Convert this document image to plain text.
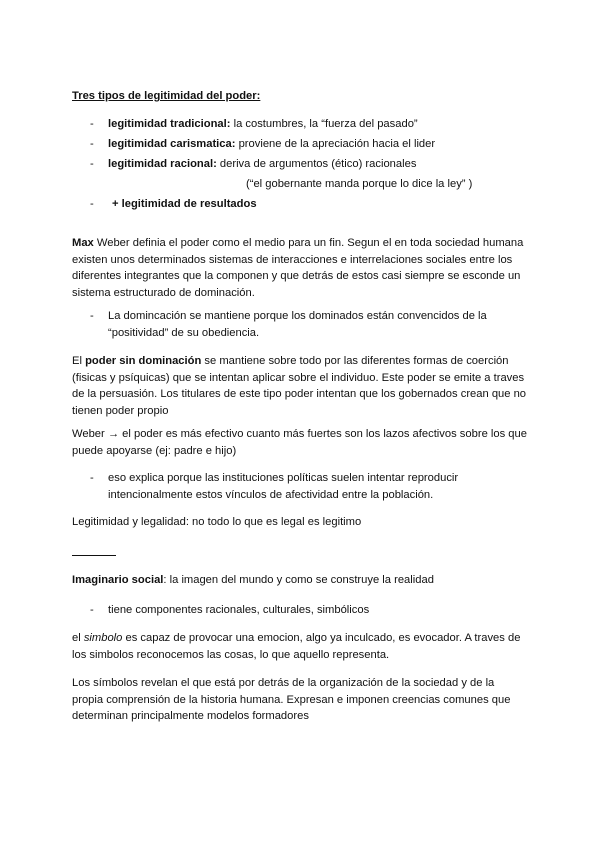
Tres tipos de legitimidad del poder:
- legitimidad tradicional: la costumbres, la “fuerza del pasado”
- legitimidad carismatica: proviene de la apreciación hacia el lider
- legitimidad racional: deriva de argumentos (ético) racionales
(“el gobernante manda porque lo dice la ley” )
- + legitimidad de resultados

Max Weber definia el poder como el medio para un fin. Segun el en toda sociedad humana existen unos determinados sistemas de interacciones e interrelaciones sociales entre los diferentes integrantes que la componen y que detrás de estos casi siempre se esconde un sistema estructurado de dominación.

- La domincación se mantiene porque los dominados están convencidos de la “positividad” de su obediencia.

El poder sin dominación se mantiene sobre todo por las diferentes formas de coerción (fisicas y psíquicas) que se intentan aplicar sobre el individuo. Este poder se emite a traves de la persuasión. Los titulares de este tipo poder intentan que los gobernados crean que no tienen poder propio

Weber → el poder es más efectivo cuanto más fuertes son los lazos afectivos sobre los que puede apoyarse (ej: padre e hijo)

- eso explica porque las instituciones políticas suelen intentar reproducir intencionalmente estos vínculos de afectividad entre la población.

Legitimidad y legalidad: no todo lo que es legal es legitimo

Imaginario social: la imagen del mundo y como se construye la realidad

- tiene componentes racionales, culturales, simbólicos

el simbolo es capaz de provocar una emocion, algo ya inculcado, es evocador. A traves de los simbolos reconocemos las cosas, lo que aquello representa.

Los símbolos revelan el que está por detrás de la organización de la sociedad y de la propia comprensión de la historia humana. Expresan e imponen creencias comunes que determinan principalmente modelos formadores
